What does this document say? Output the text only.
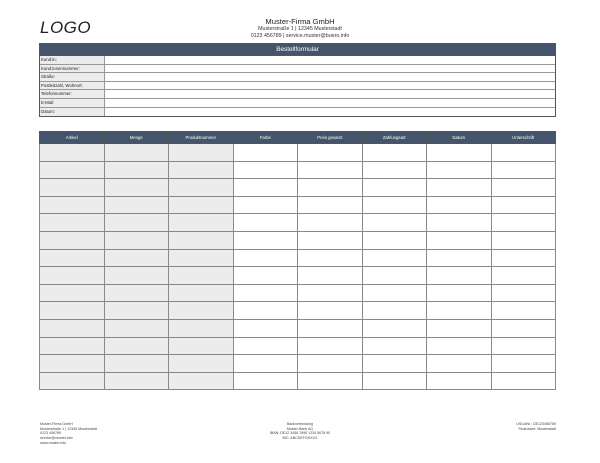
LOGO	Muster-Firma GmbH
Musterstraße 1 | 12345 Musterstadt
0123 456789 | service.muster@buero.info
Bestellformular
Kund:in:
Kund:innennummer:
Straße:
Postleitzahl, Wohnort:
Telefonnummer:
E-Mail:
Datum:
Artikel	Menge	Produktnummer	Farbe	Preis gesamt	Zahlungsart	Datum	Unterschrift

Muster-Firma GmbH
Musterstraße 1 | 12345 Musterstadt
0123 456789
service@muster.info
www.muster.info
Bankverbindung
Muster-Bank AG
IBAN: DE12 3456 7890 1234 5678 90
BIC: ABCDEFGHXXX
USt-IdNr.: DE123456789
Finanzamt: Musterstadt
